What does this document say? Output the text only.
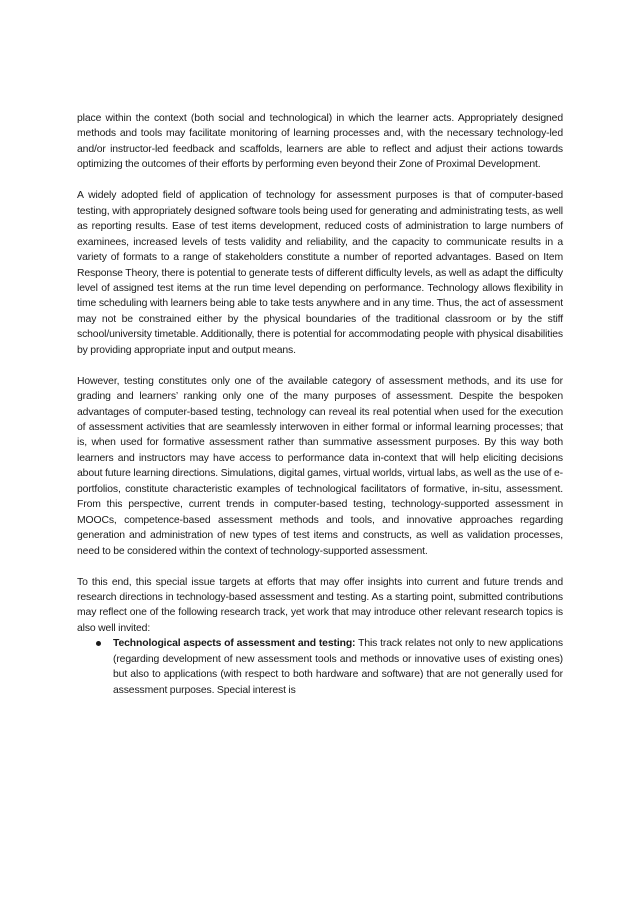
place within the context (both social and technological) in which the learner acts. Appropriately designed methods and tools may facilitate monitoring of learning processes and, with the necessary technology-led and/or instructor-led feedback and scaffolds, learners are able to reflect and adjust their actions towards optimizing the outcomes of their efforts by performing even beyond their Zone of Proximal Development.

A widely adopted field of application of technology for assessment purposes is that of computer-based testing, with appropriately designed software tools being used for generating and administrating tests, as well as reporting results. Ease of test items development, reduced costs of administration to large numbers of examinees, increased levels of tests validity and reliability, and the capacity to communicate results in a variety of formats to a range of stakeholders constitute a number of reported advantages. Based on Item Response Theory, there is potential to generate tests of different difficulty levels, as well as adapt the difficulty level of assigned test items at the run time level depending on performance. Technology allows flexibility in time scheduling with learners being able to take tests anywhere and in any time. Thus, the act of assessment may not be constrained either by the physical boundaries of the traditional classroom or by the stiff school/university timetable. Additionally, there is potential for accommodating people with physical disabilities by providing appropriate input and output means.

However, testing constitutes only one of the available category of assessment methods, and its use for grading and learners’ ranking only one of the many purposes of assessment. Despite the bespoken advantages of computer-based testing, technology can reveal its real potential when used for the execution of assessment activities that are seamlessly interwoven in either formal or informal learning processes; that is, when used for formative assessment rather than summative assessment purposes. By this way both learners and instructors may have access to performance data in-context that will help eliciting decisions about future learning directions. Simulations, digital games, virtual worlds, virtual labs, as well as the use of e-portfolios, constitute characteristic examples of technological facilitators of formative, in-situ, assessment. From this perspective, current trends in computer-based testing, technology-supported assessment in MOOCs, competence-based assessment methods and tools, and innovative approaches regarding generation and administration of new types of test items and constructs, as well as validation processes, need to be considered within the context of technology-supported assessment.

To this end, this special issue targets at efforts that may offer insights into current and future trends and research directions in technology-based assessment and testing. As a starting point, submitted contributions may reflect one of the following research track, yet work that may introduce other relevant research topics is also well invited:

Technological aspects of assessment and testing: This track relates not only to new applications (regarding development of new assessment tools and methods or innovative uses of existing ones) but also to applications (with respect to both hardware and software) that are not generally used for assessment purposes. Special interest is
